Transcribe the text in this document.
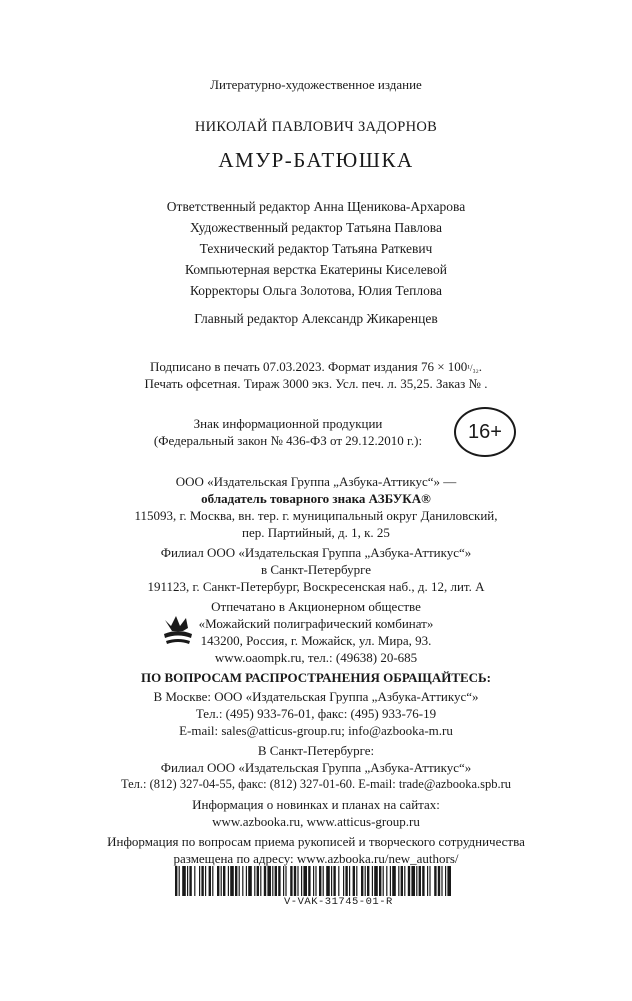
Литературно-художественное издание
НИКОЛАЙ ПАВЛОВИЧ ЗАДОРНОВ
АМУР-БАТЮШКА
Ответственный редактор Анна Щеникова-Архарова
Художественный редактор Татьяна Павлова
Технический редактор Татьяна Раткевич
Компьютерная верстка Екатерины Киселевой
Корректоры Ольга Золотова, Юлия Теплова
Главный редактор Александр Жикаренцев
Подписано в печать 07.03.2023. Формат издания 76 × 100¹/₃₂.
Печать офсетная. Тираж 3000 экз. Усл. печ. л. 35,25. Заказ № .
Знак информационной продукции
(Федеральный закон № 436-ФЗ от 29.12.2010 г.):	16+
ООО «Издательская Группа „Азбука-Аттикус“» —
обладатель товарного знака АЗБУКА®
115093, г. Москва, вн. тер. г. муниципальный округ Даниловский,
пер. Партийный, д. 1, к. 25
Филиал ООО «Издательская Группа „Азбука-Аттикус“»
в Санкт-Петербурге
191123, г. Санкт-Петербург, Воскресенская наб., д. 12, лит. А
Отпечатано в Акционерном обществе
«Можайский полиграфический комбинат»
143200, Россия, г. Можайск, ул. Мира, 93.
www.oaompk.ru, тел.: (49638) 20-685
ПО ВОПРОСАМ РАСПРОСТРАНЕНИЯ ОБРАЩАЙТЕСЬ:
В Москве: ООО «Издательская Группа „Азбука-Аттикус“»
Тел.: (495) 933-76-01, факс: (495) 933-76-19
E-mail: sales@atticus-group.ru; info@azbooka-m.ru
В Санкт-Петербурге:
Филиал ООО «Издательская Группа „Азбука-Аттикус“»
Тел.: (812) 327-04-55, факс: (812) 327-01-60. E-mail: trade@azbooka.spb.ru
Информация о новинках и планах на сайтах:
www.azbooka.ru, www.atticus-group.ru
Информация по вопросам приема рукописей и творческого сотрудничества
размещена по адресу: www.azbooka.ru/new_authors/
V-VAK-31745-01-R
